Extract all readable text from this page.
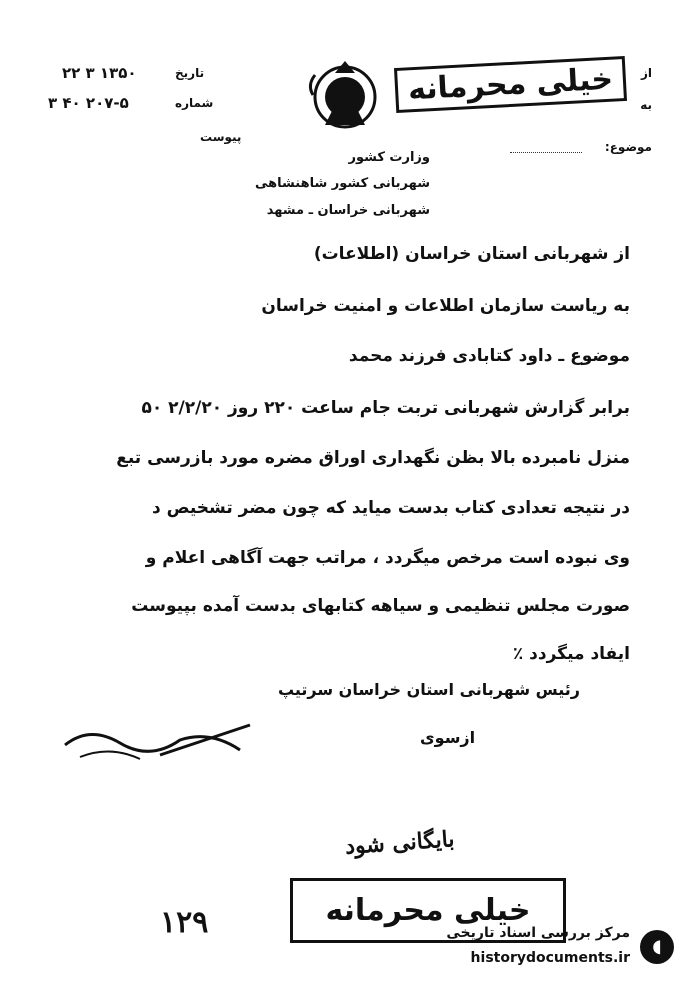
تاریخ
۲۲ ۳ ۱۳۵۰
شماره
۳ ۴۰ ۲۰۷-۵
پیوست
خیلی محرمانه	از
به
موضوع:
وزارت کشور
شهربانی کشور شاهنشاهی
شهربانی خراسان ـ مشهد
از شهربانی استان خراسان (اطلاعات)
به ریاست سازمان اطلاعات و امنیت خراسان
موضوع ـ داود کتابادی فرزند محمد
برابر گزارش شهربانی تربت جام ساعت ۲۲۰ روز ۲/۲/۲۰ ۵۰
منزل نامبرده بالا بظن نگهداری اوراق مضره مورد بازرسی تبع
در نتیجه تعدادی کتاب بدست میاید که چون مضر تشخیص د
وی نبوده است مرخص میگردد ، مراتب جهت آگاهی اعلام و
صورت مجلس تنظیمی و سیاهه کتابهای بدست آمده بپیوست
ایفاد میگردد ٪
رئیس شهربانی استان خراسان سرتیپ
ازسوی
بایگانی شود
خیلی محرمانه
۱۲۹	مرکز بررسی اسناد تاریخی
historydocuments.ir
◖
